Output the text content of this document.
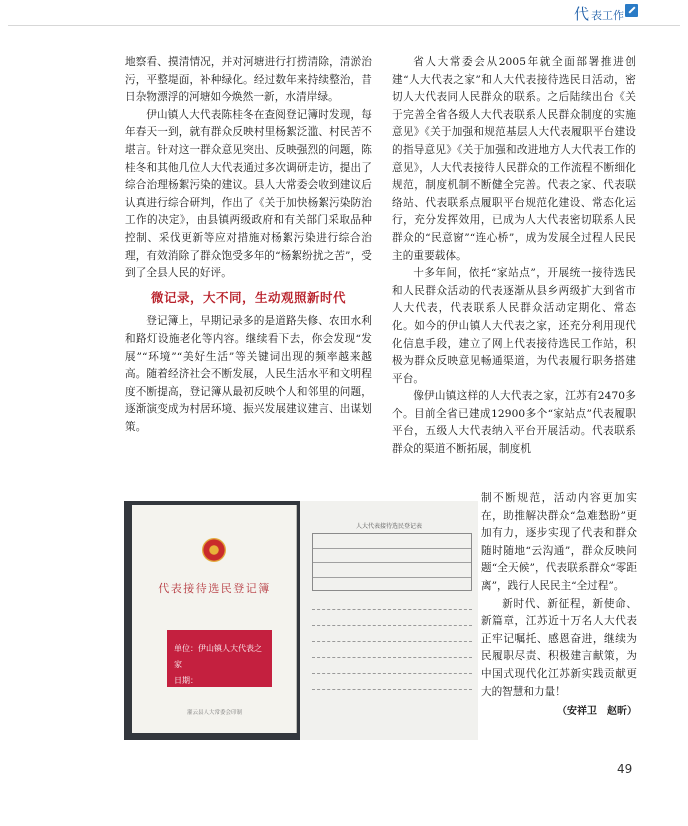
代 表工作

地察看、摸清情况，并对河塘进行打捞清除，清淤治污，平整堤面，补种绿化。经过数年来持续整治，昔日杂物漂浮的河塘如今焕然一新，水清岸绿。

伊山镇人大代表陈桂冬在查阅登记簿时发现，每年春天一到，就有群众反映村里杨絮泛滥、村民苦不堪言。针对这一群众意见突出、反映强烈的问题，陈桂冬和其他几位人大代表通过多次调研走访，提出了综合治理杨絮污染的建议。县人大常委会收到建议后认真进行综合研判，作出了《关于加快杨絮污染防治工作的决定》，由县镇两级政府和有关部门采取品种控制、采伐更新等应对措施对杨絮污染进行综合治理，有效消除了群众饱受多年的“杨絮纷扰之苦”，受到了全县人民的好评。

微记录，大不同，生动观照新时代

登记簿上，早期记录多的是道路失修、农田水利和路灯设施老化等内容。继续看下去，你会发现“发展”“环境”“美好生活”等关键词出现的频率越来越高。随着经济社会不断发展，人民生活水平和文明程度不断提高，登记簿从最初反映个人和邻里的问题，逐渐演变成为村居环境、振兴发展建议建言、出谋划策。

省人大常委会从2005年就全面部署推进创建“人大代表之家”和人大代表接待选民日活动，密切人大代表同人民群众的联系。之后陆续出台《关于完善全省各级人大代表联系人民群众制度的实施意见》《关于加强和规范基层人大代表履职平台建设的指导意见》《关于加强和改进地方人大代表工作的意见》，人大代表接待人民群众的工作流程不断细化规范，制度机制不断健全完善。代表之家、代表联络站、代表联系点履职平台规范化建设、常态化运行，充分发挥效用，已成为人大代表密切联系人民群众的“民意窗”“连心桥”，成为发展全过程人民民主的重要载体。

十多年间，依托“家站点”，开展统一接待选民和人民群众活动的代表逐渐从县乡两级扩大到省市人大代表，代表联系人民群众活动定期化、常态化。如今的伊山镇人大代表之家，还充分利用现代化信息手段，建立了网上代表接待选民工作站，积极为群众反映意见畅通渠道，为代表履行职务搭建平台。

像伊山镇这样的人大代表之家，江苏有2470多个。目前全省已建成12900多个“家站点”代表履职平台，五级人大代表纳入平台开展活动。代表联系群众的渠道不断拓展，制度机

代表接待选民登记簿
单位：伊山镇人大代表之家
日期：
灌云县人大常委会印制
人大代表接待选民登记表

制不断规范，活动内容更加实在，助推解决群众“急难愁盼”更加有力，逐步实现了代表和群众随时随地“云沟通”，群众反映问题“全天候”，代表联系群众“零距离”，践行人民民主“全过程”。

新时代、新征程，新使命、新篇章，江苏近十万名人大代表正牢记嘱托、感恩奋进，继续为民履职尽责、积极建言献策，为中国式现代化江苏新实践贡献更大的智慧和力量！

（安祥卫　赵昕）

49
